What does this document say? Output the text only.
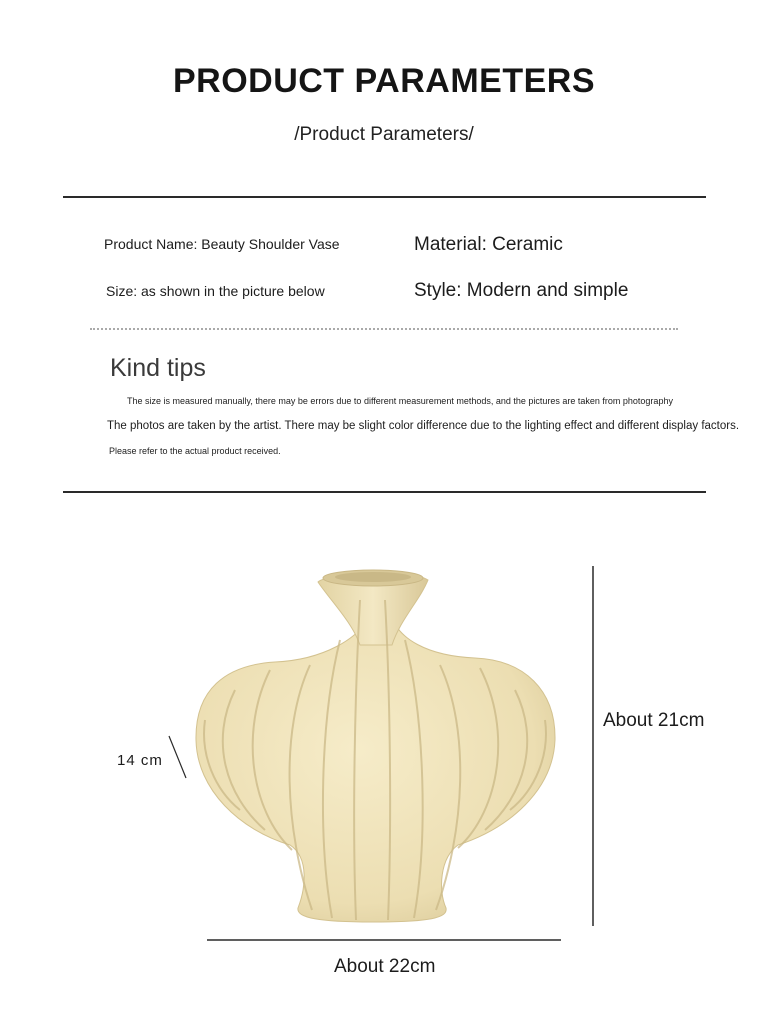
PRODUCT PARAMETERS
/Product Parameters/
Product Name: Beauty Shoulder Vase	Material: Ceramic
Size: as shown in the picture below	Style: Modern and simple
Kind tips
The size is measured manually, there may be errors due to different measurement methods, and the pictures are taken from photography
The photos are taken by the artist. There may be slight color difference due to the lighting effect and different display factors.
Please refer to the actual product received.
About 21cm
About 22cm
14 cm
